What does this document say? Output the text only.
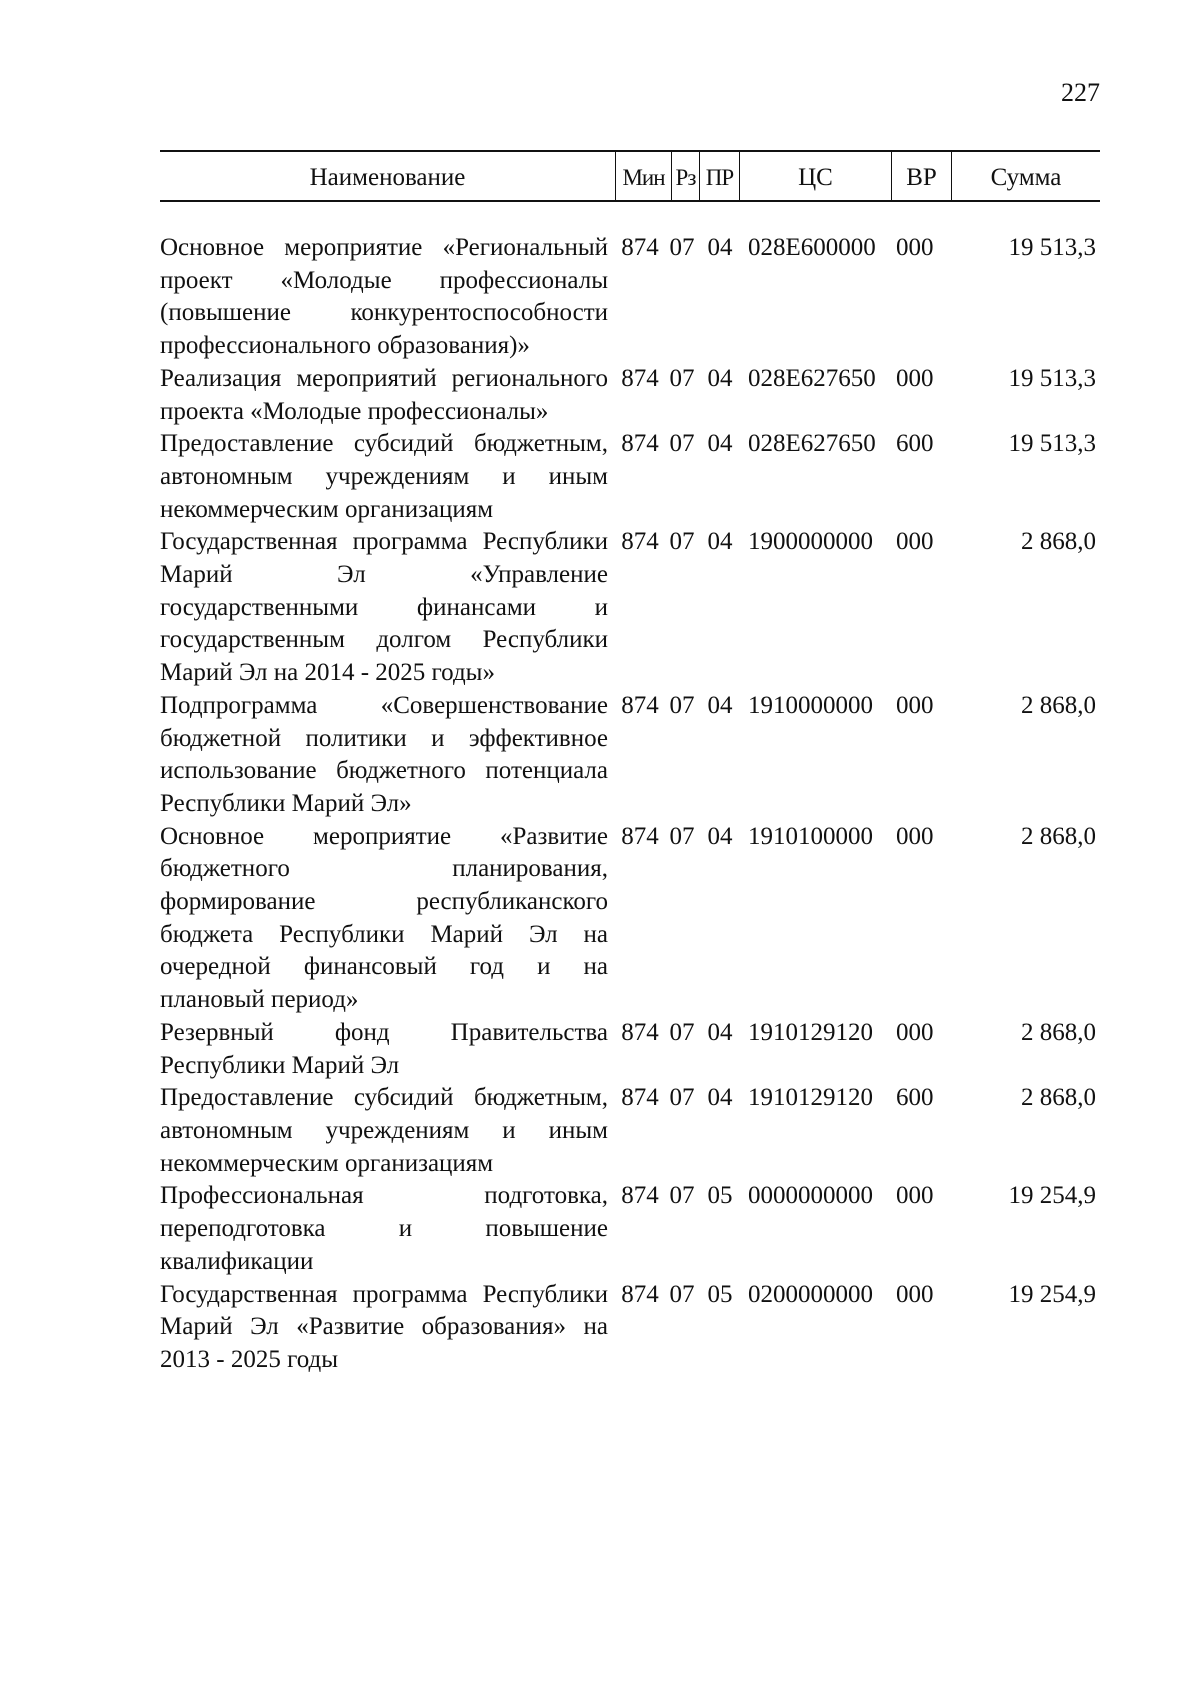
227
Наименование	Мин Рз ПР	ЦС	ВР	Сумма
Основное мероприятие «Региональный проект «Молодые профессионалы (повышение конкурентоспособности профессионального образования)»
874 07 04 028E600000 000	19 513,3
Реализация мероприятий регионального проекта «Молодые профессионалы»
874 07 04 028E627650 000	19 513,3
Предоставление субсидий бюджетным, автономным учреждениям и иным некоммерческим организациям
874 07 04 028E627650 600	19 513,3
Государственная программа Республики Марий Эл «Управление государственными финансами и государственным долгом Республики Марий Эл на 2014 - 2025 годы»
874 07 04 1900000000 000	2 868,0
Подпрограмма «Совершенствование бюджетной политики и эффективное использование бюджетного потенциала Республики Марий Эл»
874 07 04 1910000000 000	2 868,0
Основное мероприятие «Развитие бюджетного планирования, формирование республиканского бюджета Республики Марий Эл на очередной финансовый год и на плановый период»
874 07 04 1910100000 000	2 868,0
Резервный фонд Правительства Республики Марий Эл
874 07 04 1910129120 000	2 868,0
Предоставление субсидий бюджетным, автономным учреждениям и иным некоммерческим организациям
874 07 04 1910129120 600	2 868,0
Профессиональная подготовка, переподготовка и повышение квалификации
874 07 05 0000000000 000	19 254,9
Государственная программа Республики Марий Эл «Развитие образования» на 2013 - 2025 годы
874 07 05 0200000000 000	19 254,9
